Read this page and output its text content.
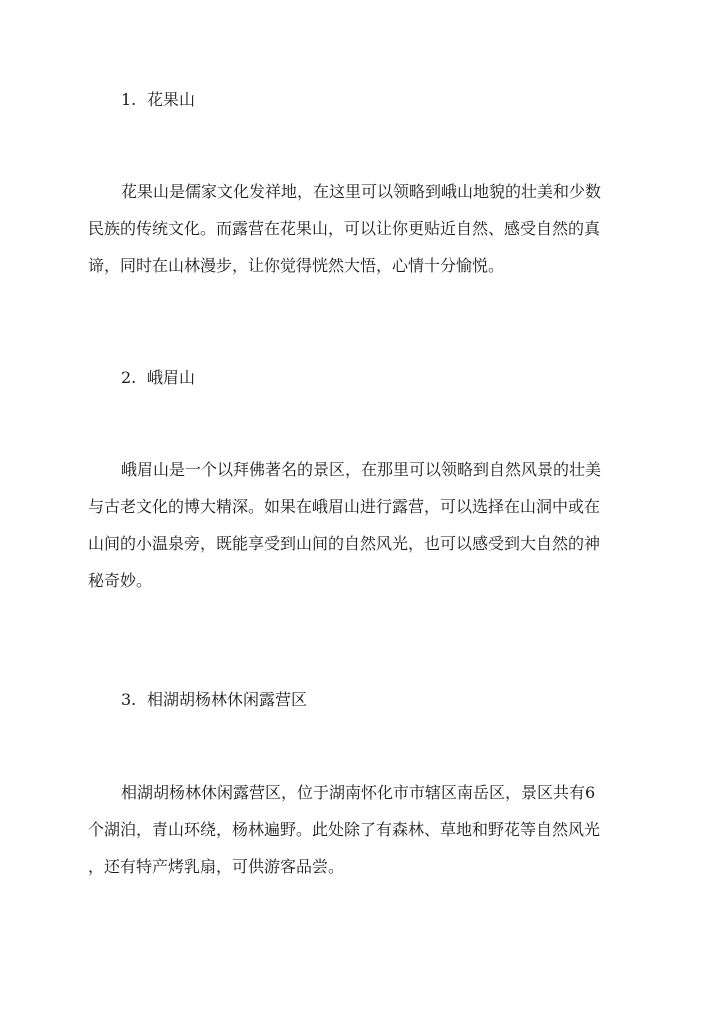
1. 花果山
花果山是儒家文化发祥地，在这里可以领略到峨山地貌的壮美和少数
民族的传统文化。而露营在花果山，可以让你更贴近自然、感受自然的真
谛，同时在山林漫步，让你觉得恍然大悟，心情十分愉悦。
2. 峨眉山
峨眉山是一个以拜佛著名的景区，在那里可以领略到自然风景的壮美
与古老文化的博大精深。如果在峨眉山进行露营，可以选择在山洞中或在
山间的小温泉旁，既能享受到山间的自然风光，也可以感受到大自然的神
秘奇妙。
3. 相湖胡杨林休闲露营区
相湖胡杨林休闲露营区，位于湖南怀化市市辖区南岳区，景区共有6
个湖泊，青山环绕，杨林遍野。此处除了有森林、草地和野花等自然风光
，还有特产烤乳扇，可供游客品尝。
